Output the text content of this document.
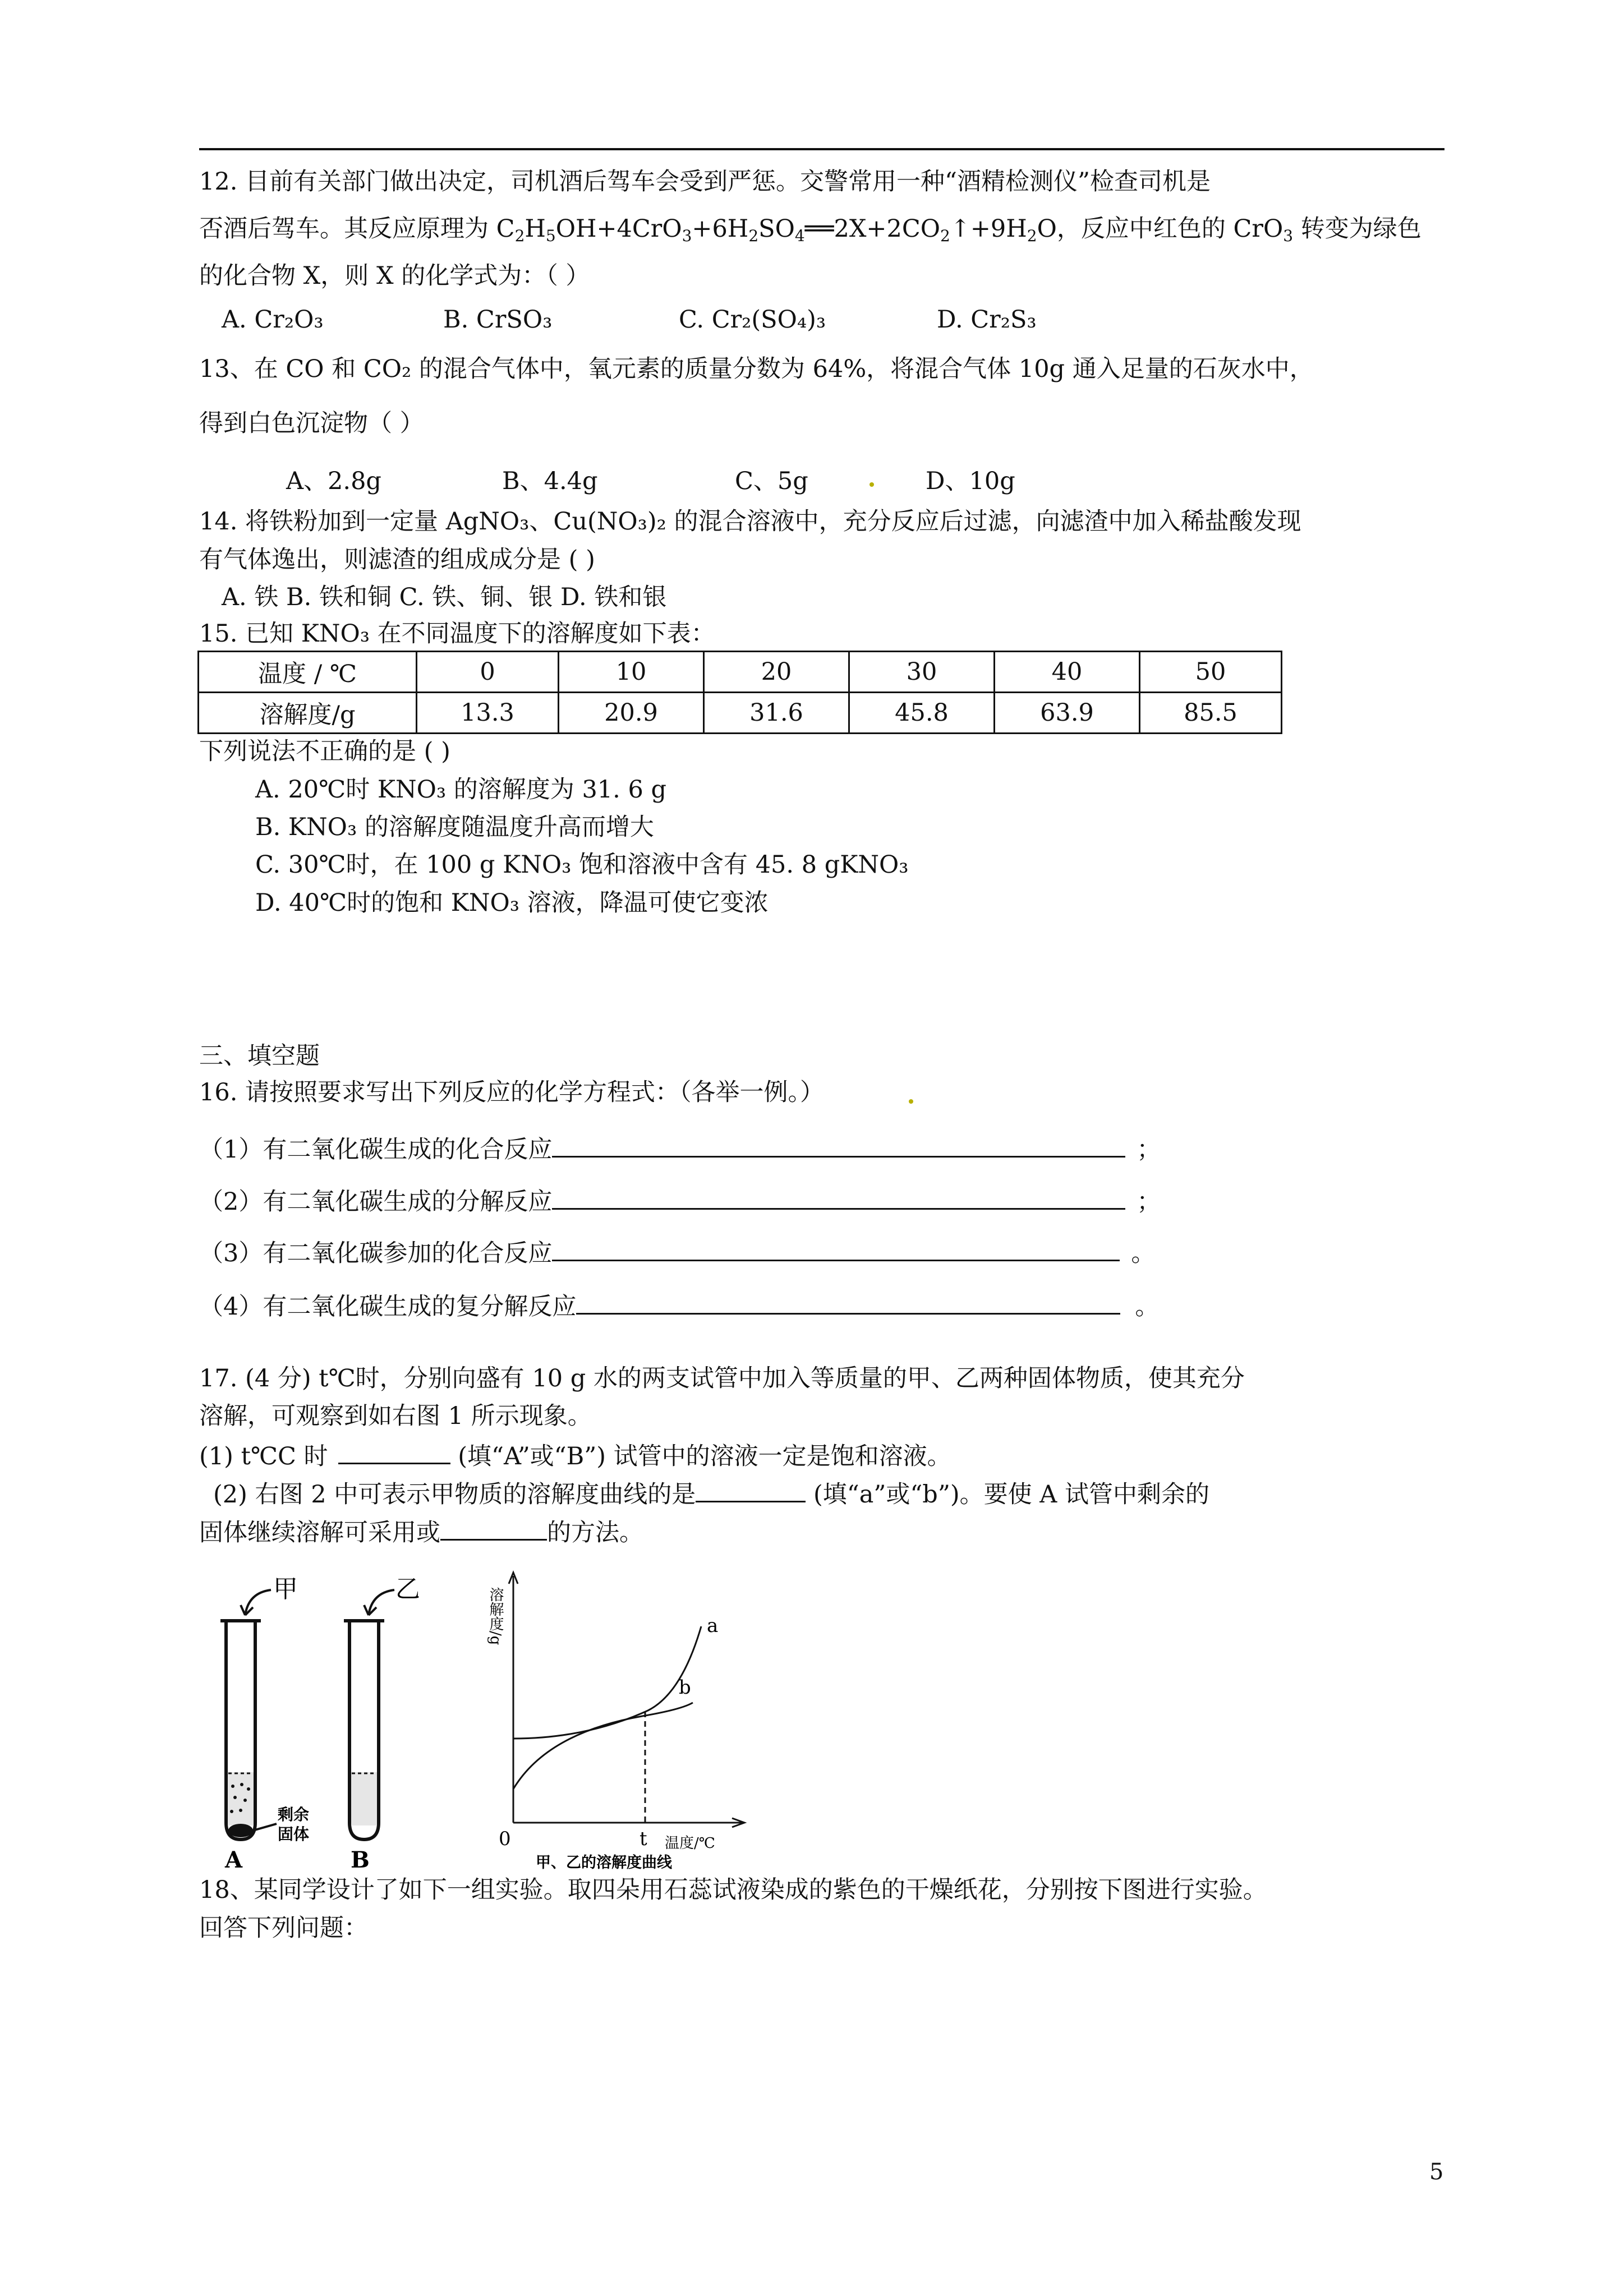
12. 目前有关部门做出决定，司机酒后驾车会受到严惩。交警常用一种“酒精检测仪”检查司机是
否酒后驾车。其反应原理为 $C_2H_5OH+4CrO_3+6H_2SO_4══2X+2CO_2↑+9H_2O$，反应中红色的 CrO$_3$ 转变为绿色
的化合物 X，则 X 的化学式为：（ ）
A. Cr₂O₃	B. CrSO₃	C. Cr₂(SO₄)₃	D. Cr₂S₃
13、在 CO 和 CO₂ 的混合气体中，氧元素的质量分数为 64%，将混合气体 10g 通入足量的石灰水中，
得到白色沉淀物（ ）
A、2.8g	B、4.4g	C、5g	D、10g
14. 将铁粉加到一定量 AgNO₃、Cu(NO₃)₂ 的混合溶液中，充分反应后过滤，向滤渣中加入稀盐酸发现
有气体逸出，则滤渣的组成成分是 ( )
A. 铁 B. 铁和铜 C. 铁、铜、银 D. 铁和银
15. 已知 KNO₃ 在不同温度下的溶解度如下表：
温度 / ℃	0	10	20	30	40	50
溶解度/g	13.3	20.9	31.6	45.8	63.9	85.5
下列说法不正确的是 ( )
A. 20℃时 KNO₃ 的溶解度为 31. 6 g
B. KNO₃ 的溶解度随温度升高而增大
C. 30℃时，在 100 g KNO₃ 饱和溶液中含有 45. 8 gKNO₃
D. 40℃时的饱和 KNO₃ 溶液，降温可使它变浓
三、填空题
16. 请按照要求写出下列反应的化学方程式：（各举一例。）
（1）有二氧化碳生成的化合反应	；
（2）有二氧化碳生成的分解反应	；
（3）有二氧化碳参加的化合反应	。
（4）有二氧化碳生成的复分解反应	。
17. (4 分) t℃时，分别向盛有 10 g 水的两支试管中加入等质量的甲、乙两种固体物质，使其充分
溶解，可观察到如右图 1 所示现象。
(1) t℃C 时	(填“A”或“B”) 试管中的溶液一定是饱和溶液。
(2) 右图 2 中可表示甲物质的溶解度曲线的是	(填“a”或“b”)。要使 A 试管中剩余的
固体继续溶解可采用或	的方法。
剩余
固体
甲
A
乙
B
溶解度/g
0
a
b
t 温度/℃
甲、乙的溶解度曲线
18、某同学设计了如下一组实验。取四朵用石蕊试液染成的紫色的干燥纸花，分别按下图进行实验。
回答下列问题：
5
